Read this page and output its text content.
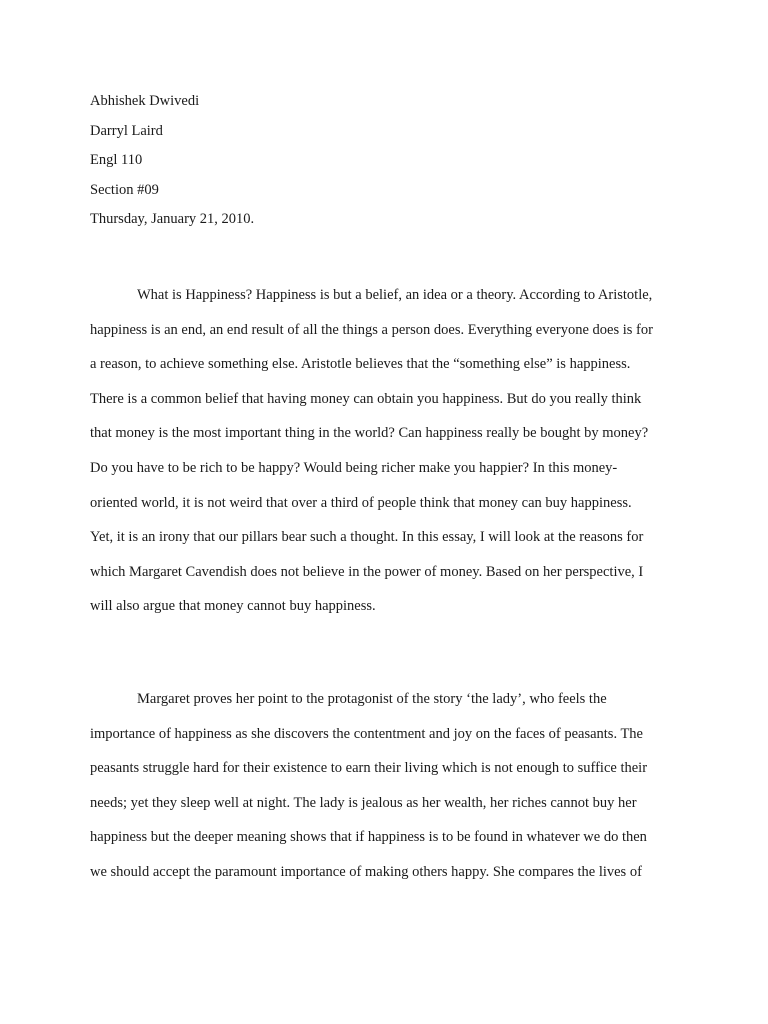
Abhishek Dwivedi
Darryl Laird
Engl 110
Section #09
Thursday, January 21, 2010.
What is Happiness? Happiness is but a belief, an idea or a theory. According to Aristotle,
happiness is an end, an end result of all the things a person does. Everything everyone does is for
a reason, to achieve something else. Aristotle believes that the “something else” is happiness.
There is a common belief that having money can obtain you happiness. But do you really think
that money is the most important thing in the world? Can happiness really be bought by money?
Do you have to be rich to be happy? Would being richer make you happier? In this money-
oriented world, it is not weird that over a third of people think that money can buy happiness.
Yet, it is an irony that our pillars bear such a thought. In this essay, I will look at the reasons for
which Margaret Cavendish does not believe in the power of money. Based on her perspective, I
will also argue that money cannot buy happiness.
Margaret proves her point to the protagonist of the story ‘the lady’, who feels the
importance of happiness as she discovers the contentment and joy on the faces of peasants. The
peasants struggle hard for their existence to earn their living which is not enough to suffice their
needs; yet they sleep well at night. The lady is jealous as her wealth, her riches cannot buy her
happiness but the deeper meaning shows that if happiness is to be found in whatever we do then
we should accept the paramount importance of making others happy. She compares the lives of
